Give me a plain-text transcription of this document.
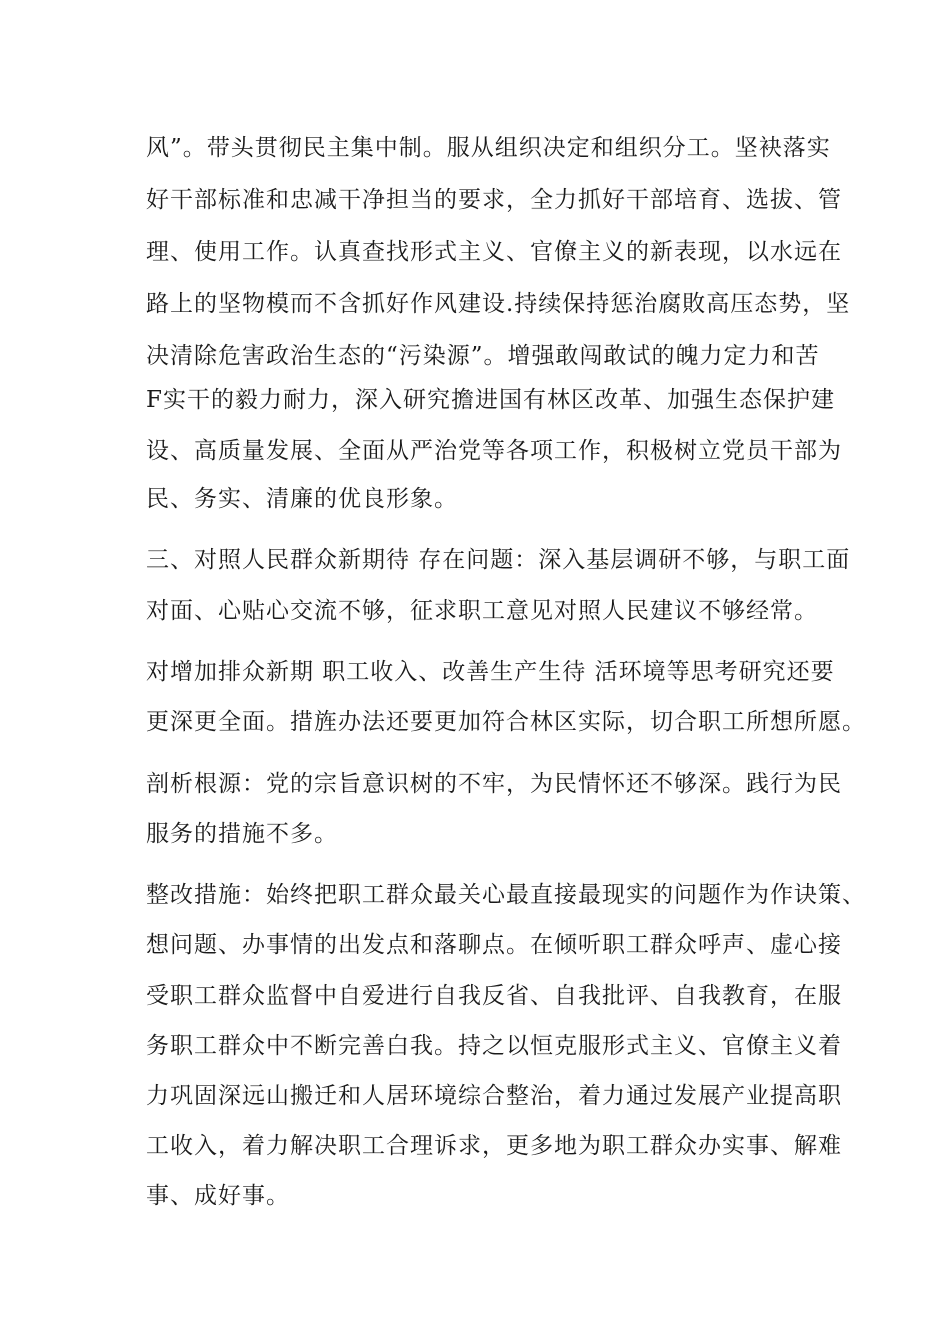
风”。带头贯彻民主集中制。服从组织决定和组织分工。坚袂落实
好干部标准和忠减干净担当的要求，全力抓好干部培育、选拔、管
理、使用工作。认真查找形式主义、官僚主义的新表现，以水远在
路上的坚物模而不含抓好作风建设.持续保持惩治腐敗高压态势，坚
决清除危害政治生态的“污染源”。增强敢闯敢试的魄力定力和苦
F实干的毅力耐力，深入研究擔进国有林区改革、加强生态保护建
设、高质量发展、全面从严治党等各项工作，积极树立党员干部为
民、务实、清廉的优良形象。
三、对照人民群众新期待 存在问题：深入基层调研不够，与职工面
对面、心贴心交流不够，征求职工意见对照人民建议不够经常。
对增加排众新期 职工收入、改善生产生待 活环境等思考研究还要
更深更全面。措旌办法还要更加符合林区实际，切合职工所想所愿。
剖析根源：党的宗旨意识树的不牢，为民情怀还不够深。践行为民
服务的措施不多。
整改措施：始终把职工群众最关心最直接最现实的问题作为作诀策、
想问题、办事情的出发点和落聊点。在倾听职工群众呼声、虚心接
受职工群众监督中自爱进行自我反省、自我批评、自我教育，在服
务职工群众中不断完善白我。持之以恒克服形式主义、官僚主义着
力巩固深远山搬迁和人居环境综合整治，着力通过发展产业提高职
工收入，着力解决职工合理诉求，更多地为职工群众办实事、解难
事、成好事。
